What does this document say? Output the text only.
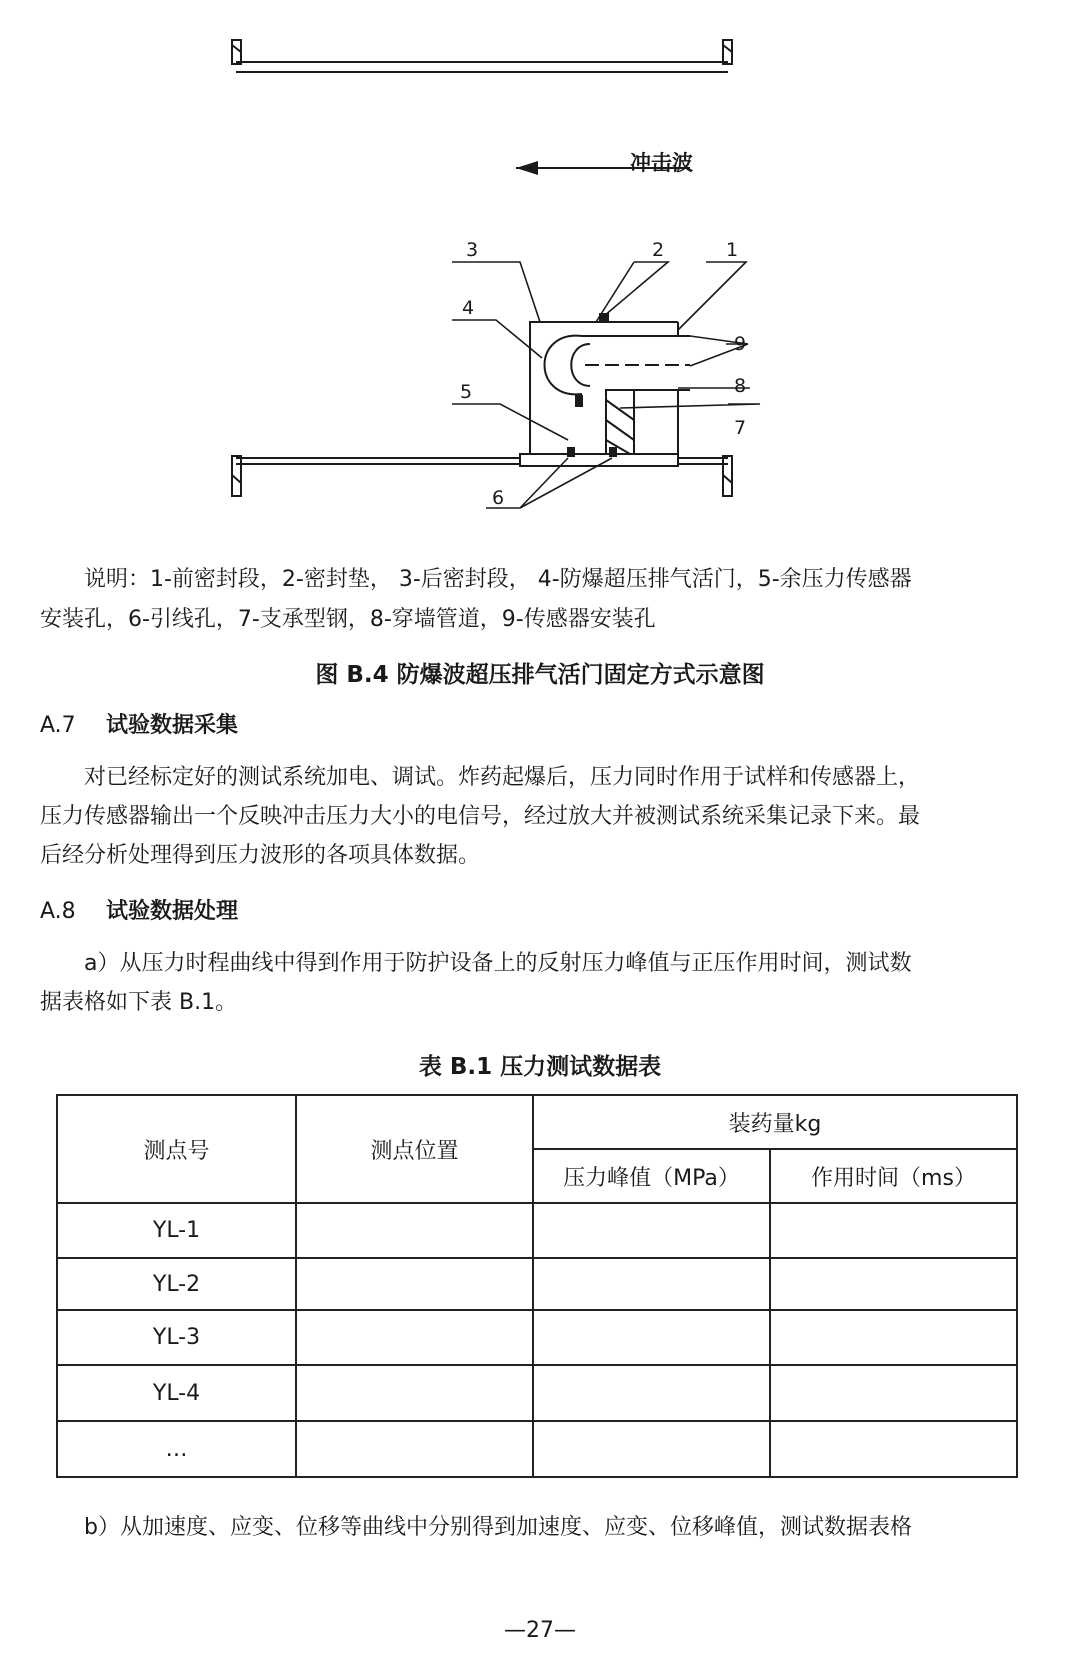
冲击波
3	2	1
4
9
8
5
7
6
说明：1-前密封段，2-密封垫， 3-后密封段， 4-防爆超压排气活门，5-余压力传感器
安装孔，6-引线孔，7-支承型钢，8-穿墙管道，9-传感器安装孔
图 B.4 防爆波超压排气活门固定方式示意图
A.7 试验数据采集
对已经标定好的测试系统加电、调试。炸药起爆后，压力同时作用于试样和传感器上，
压力传感器输出一个反映冲击压力大小的电信号，经过放大并被测试系统采集记录下来。最
后经分析处理得到压力波形的各项具体数据。
A.8 试验数据处理
a）从压力时程曲线中得到作用于防护设备上的反射压力峰值与正压作用时间，测试数
据表格如下表 B.1。
表 B.1 压力测试数据表
测点号	测点位置	装药量kg	
		压力峰值（MPa）	作用时间（ms）
YL-1			
YL-2			
YL-3			
YL-4			
…			
b）从加速度、应变、位移等曲线中分别得到加速度、应变、位移峰值，测试数据表格
—27—
